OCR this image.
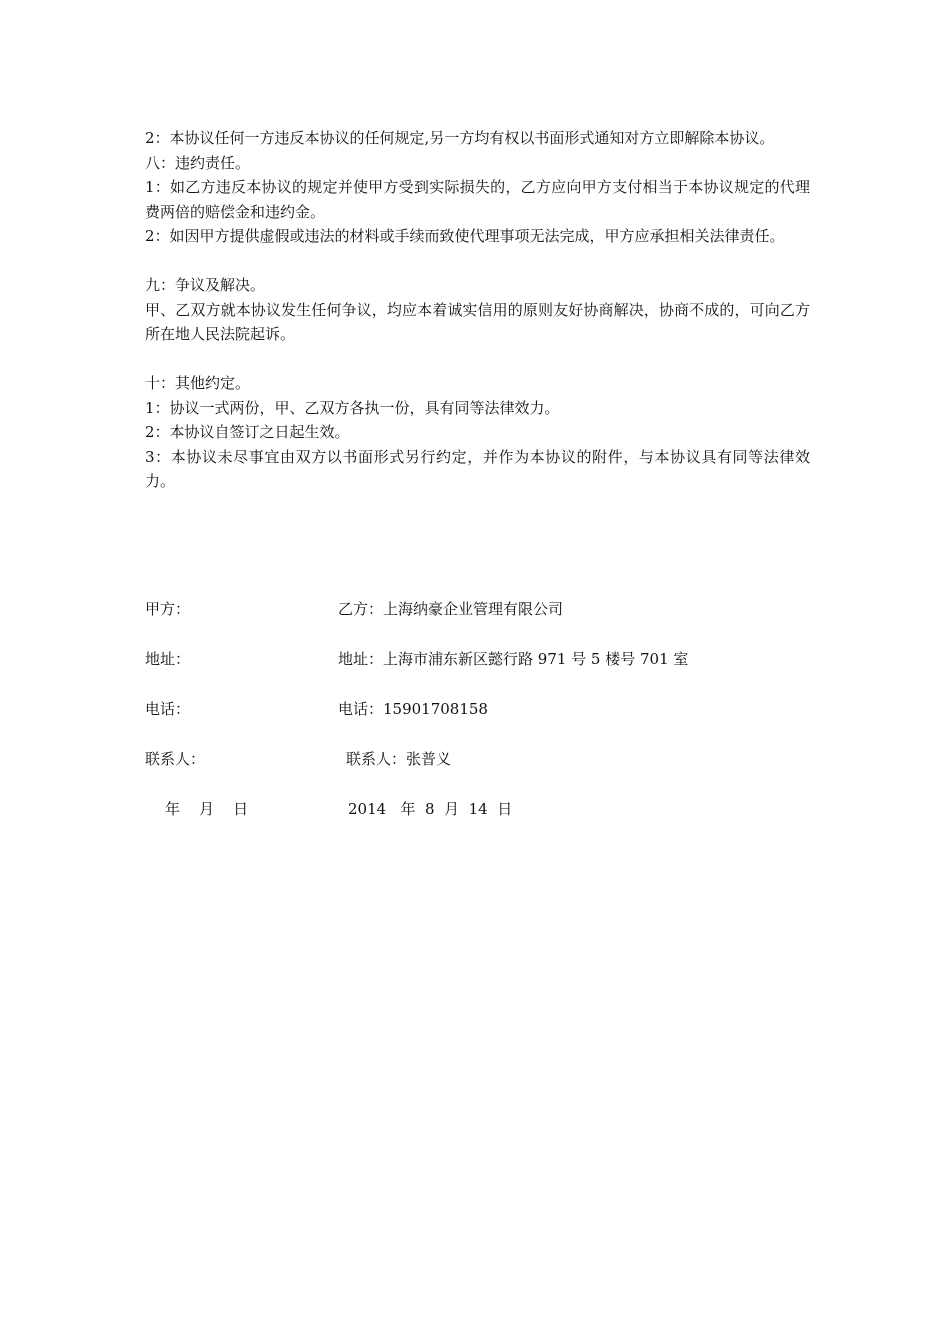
2：本协议任何一方违反本协议的任何规定,另一方均有权以书面形式通知对方立即解除本协议。

八：违约责任。

1：如乙方违反本协议的规定并使甲方受到实际损失的，乙方应向甲方支付相当于本协议规定的代理费两倍的赔偿金和违约金。

2：如因甲方提供虚假或违法的材料或手续而致使代理事项无法完成，甲方应承担相关法律责任。

九：争议及解决。

甲、乙双方就本协议发生任何争议，均应本着诚实信用的原则友好协商解决，协商不成的，可向乙方所在地人民法院起诉。

十：其他约定。

1：协议一式两份，甲、乙双方各执一份，具有同等法律效力。

2：本协议自签订之日起生效。

3：本协议未尽事宜由双方以书面形式另行约定，并作为本协议的附件，与本协议具有同等法律效力。

甲方：	乙方：上海纳豪企业管理有限公司
地址：	地址：上海市浦东新区懿行路 971 号 5 楼号 701 室
电话：	电话：15901708158
联系人：	联系人：张普义
年    月    日	2014   年  8  月  14  日
